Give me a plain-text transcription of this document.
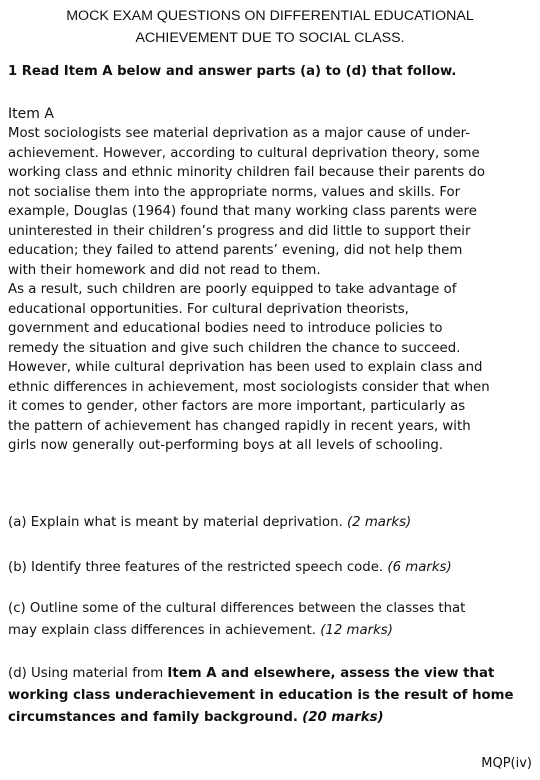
MOCK EXAM QUESTIONS ON DIFFERENTIAL EDUCATIONAL
ACHIEVEMENT DUE TO SOCIAL CLASS.
1 Read Item A below and answer parts (a) to (d) that follow.
Item A
Most sociologists see material deprivation as a major cause of under-
achievement. However, according to cultural deprivation theory, some
working class and ethnic minority children fail because their parents do
not socialise them into the appropriate norms, values and skills. For
example, Douglas (1964) found that many working class parents were
uninterested in their children’s progress and did little to support their
education; they failed to attend parents’ evening, did not help them
with their homework and did not read to them.
As a result, such children are poorly equipped to take advantage of
educational opportunities. For cultural deprivation theorists,
government and educational bodies need to introduce policies to
remedy the situation and give such children the chance to succeed.
However, while cultural deprivation has been used to explain class and
ethnic differences in achievement, most sociologists consider that when
it comes to gender, other factors are more important, particularly as
the pattern of achievement has changed rapidly in recent years, with
girls now generally out-performing boys at all levels of schooling.
(a) Explain what is meant by material deprivation. (2 marks)
(b) Identify three features of the restricted speech code. (6 marks)
(c) Outline some of the cultural differences between the classes that
may explain class differences in achievement. (12 marks)
(d) Using material from Item A and elsewhere, assess the view that
working class underachievement in education is the result of home
circumstances and family background. (20 marks)
MQP(iv)
